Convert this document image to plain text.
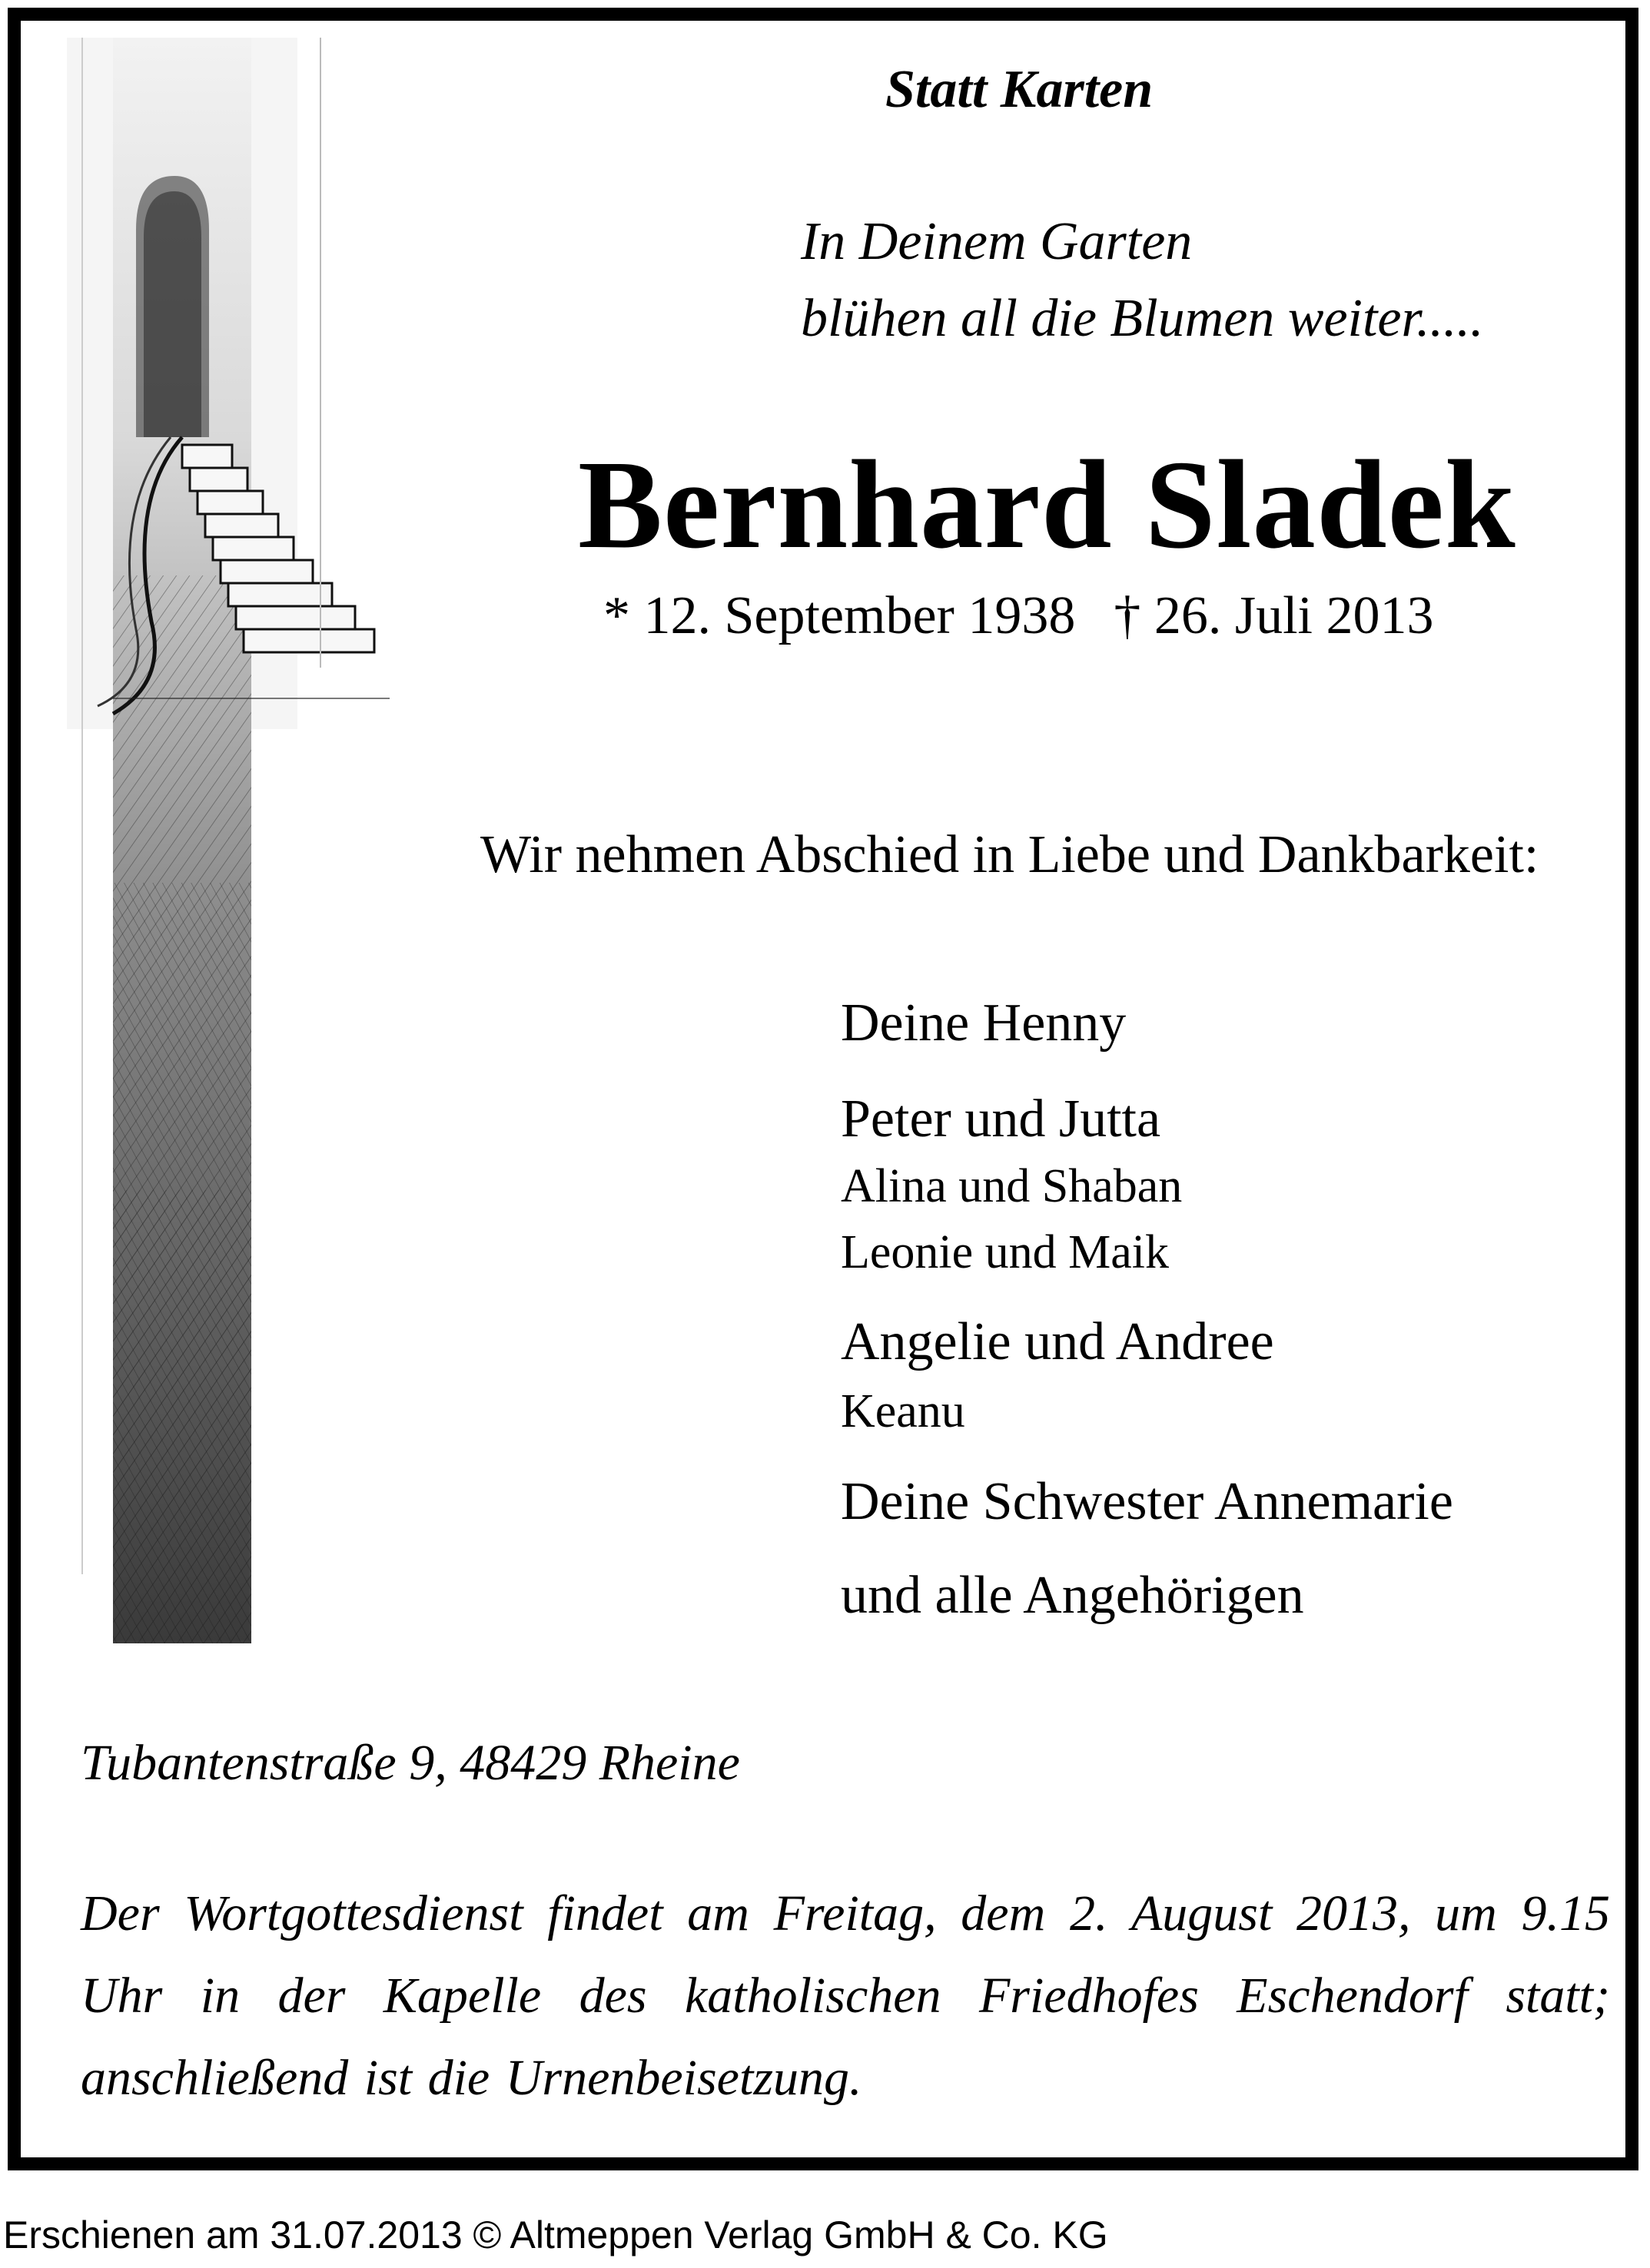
Statt Karten

In Deinem Garten
blühen all die Blumen weiter.....

Bernhard Sladek

* 12. September 1938 † 26. Juli 2013

Wir nehmen Abschied in Liebe und Dankbarkeit:

Deine Henny
Peter und Jutta
Alina und Shaban
Leonie und Maik
Angelie und Andree
Keanu
Deine Schwester Annemarie
und alle Angehörigen

Tubantenstraße 9, 48429 Rheine

Der Wortgottesdienst findet am Freitag, dem 2. August 2013, um 9.15 Uhr in der Kapelle des katholischen Friedhofes Eschendorf statt; anschließend ist die Urnenbeisetzung.

Erschienen am 31.07.2013 © Altmeppen Verlag GmbH & Co. KG
